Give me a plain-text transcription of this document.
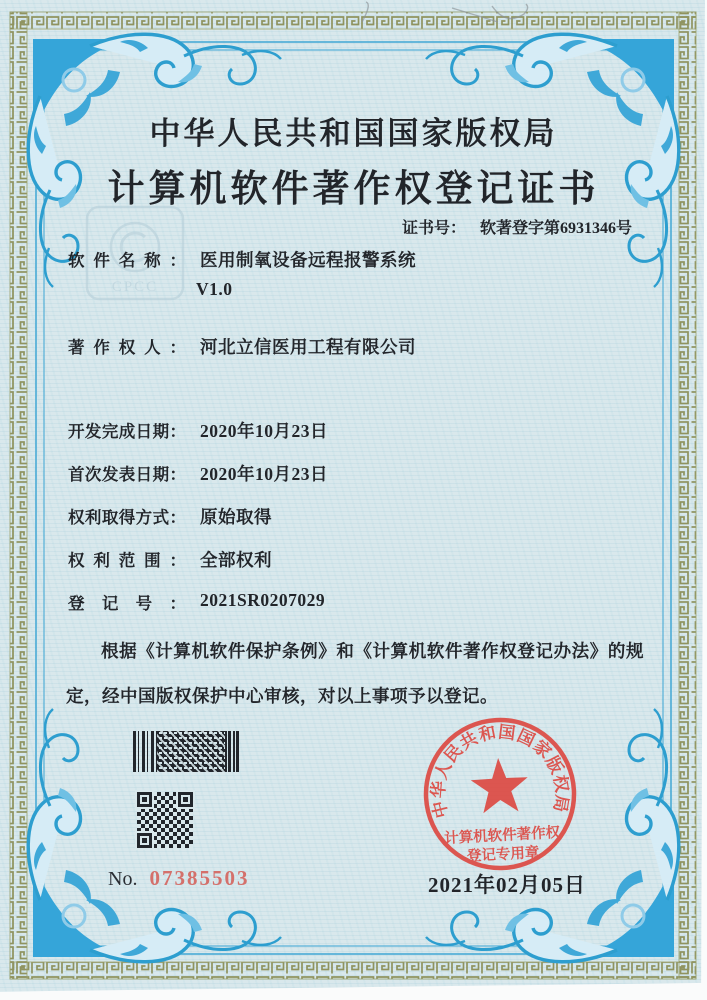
CPCC
中华人民共和国国家版权局
计算机软件著作权登记证书
证书号： 软著登字第6931346号
软件名称： 医用制氧设备远程报警系统
V1.0
著作权人： 河北立信医用工程有限公司
开发完成日期： 2020年10月23日
首次发表日期： 2020年10月23日
权利取得方式： 原始取得
权利范围： 全部权利
登记号： 2021SR0207029

根据《计算机软件保护条例》和《计算机软件著作权登记办法》的规定，经中国版权保护中心审核，对以上事项予以登记。

No. 07385503	2021年02月05日
中华人民共和国国家版权局
计算机软件著作权
登记专用章
